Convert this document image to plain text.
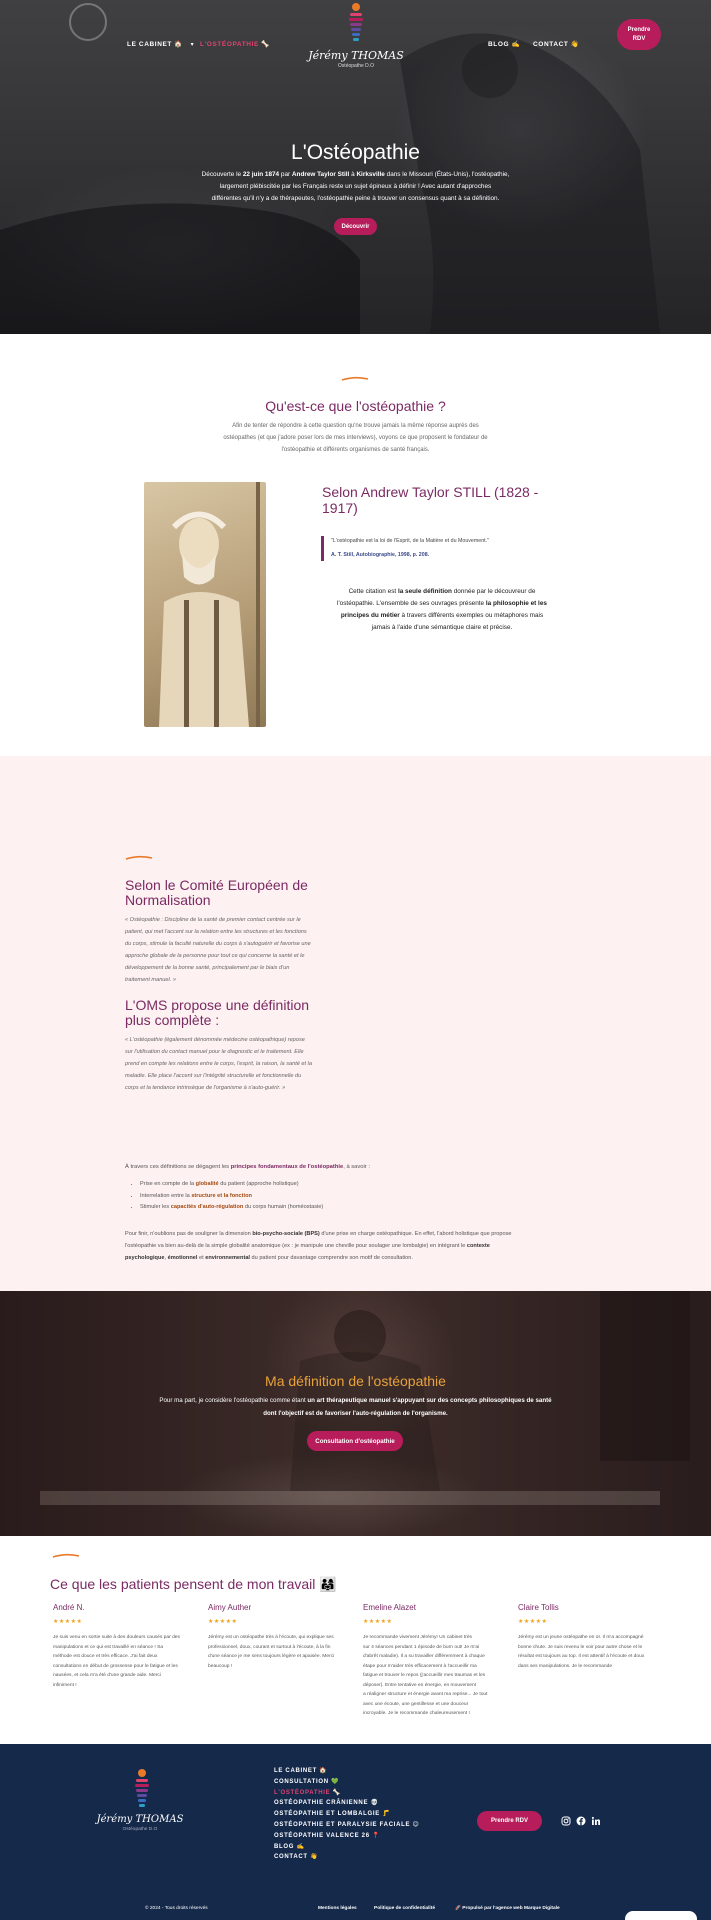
LE CABINET 🏠 ▾ L'OSTÉOPATHIE 🦴
Jérémy THOMAS
Ostéopathe D.O
BLOG ✍️ CONTACT 👋
Prendre RDV
L'Ostéopathie

Découverte le 22 juin 1874 par Andrew Taylor Still à Kirksville dans le Missouri (États-Unis), l'ostéopathie,

largement plébiscitée par les Français reste un sujet épineux à définir ! Avec autant d'approches

différentes qu'il n'y a de thérapeutes, l'ostéopathie peine à trouver un consensus quant à sa définition.

Découvrir
Qu'est-ce que l'ostéopathie ?

Afin de tenter de répondre à cette question qu'ne trouve jamais la même réponse auprès des

ostéopathes (et que j'adore poser lors de mes interviews), voyons ce que proposent le fondateur de

l'ostéopathie et différents organismes de santé français.

Selon Andrew Taylor STILL (1828 -
1917)

"L'ostéopathie est la loi de l'Esprit, de la Matière et du Mouvement."

A. T. Still, Autobiographie, 1998, p. 208.

Cette citation est la seule définition donnée par le découvreur de
l'ostéopathie. L'ensemble de ses ouvrages présente la philosophie et les
principes du métier à travers différents exemples ou métaphores mais
jamais à l'aide d'une sémantique claire et précise.

Selon le Comité Européen de
Normalisation
« Ostéopathie : Discipline de la santé de premier contact centrée sur le
patient, qui met l'accent sur la relation entre les structures et les fonctions
du corps, stimule la faculté naturelle du corps à s'autoguérir et favorise une
approche globale de la personne pour tout ce qui concerne la santé et le
développement de la bonne santé, principalement par le biais d'un
traitement manuel. »
L'OMS propose une définition
plus complète :
« L'ostéopathie (également dénommée médecine ostéopathique) repose
sur l'utilisation du contact manuel pour le diagnostic et le traitement. Elle
prend en compte les relations entre le corps, l'esprit, la raison, la santé et la
maladie. Elle place l'accent sur l'intégrité structurelle et fonctionnelle du
corps et la tendance intrinsèque de l'organisme à s'auto-guérir. »

À travers ces définitions se dégagent les principes fondamentaux de l'ostéopathie, à savoir :

• Prise en compte de la globalité du patient (approche holistique)
• Interrelation entre la structure et la fonction
• Stimuler les capacités d'auto-régulation du corps humain (homéostasie)
Pour finir, n'oublions pas de souligner la dimension bio-psycho-sociale (BPS) d'une prise en charge ostéopathique. En effet, l'abord holistique que propose
l'ostéopathie va bien au-delà de la simple globalité anatomique (ex : je manipule une cheville pour soulager une lombalgie) en intégrant le contexte
psychologique, émotionnel et environnemental du patient pour davantage comprendre son motif de consultation.
Ma définition de l'ostéopathie

Pour ma part, je considère l'ostéopathie comme étant un art thérapeutique manuel s'appuyant sur des concepts philosophiques de santé
dont l'objectif est de favoriser l'auto-régulation de l'organisme.

Consultation d'ostéopathie
Ce que les patients pensent de mon travail 👨‍👩‍👧
André N.
★★★★★
Je suis venu en sortie suite à des douleurs causés par des
manipulations et ce qui est travaillé en séance ! Sa
méthode est douce et très efficace. J'ai fait deux
consultations en début de grossesse pour le fatigue et les
nausées, et cela m'a été d'une grande aide. Merci
infiniment !
Aimy Auther
★★★★★
Jérémy est un ostéopathe très à l'écoute, qui explique ses
professionnel, doux, courant et surtout à l'écoute, à la fin
d'une séance je me sens toujours légère et apaisée. Merci
beaucoup !
Emeline Alazet
★★★★★
Je recommande vivement Jérémy! Un cabinet très
sur 4 séances pendant 1 épisode de burn out! Je m'ai
d'abrêt maladie). Il a su travailler différemment à chaque
étape pour m'aider très efficacement à l'accueillir ma
fatigue et trouver le repos (j'accueillir mes traumas et les
déposer). Entre tentative en énergie, en mouvement
a réaligner structure et énergie avant ma reprise... Je tout
avec une écoute, une gentillesse et une douceur
incroyable. Je le recommande chaleureusement !
Claire Tollis
★★★★★
Jérémy est un jeune ostéopathe en or. Il m'a accompagné
bonne chute. Je suis revenu le voir pour autre chose et le
résultat est toujours au top. Il est attentif à l'écoute et doux
dans ses manipulations. Je le recommande
Jérémy THOMAS
Ostéopathe D.O
LE CABINET 🏠
CONSULTATION 💚
L'OSTÉOPATHIE 🦴
OSTÉOPATHIE CRÂNIENNE 💀
OSTÉOPATHIE ET LOMBALGIE 🦵
OSTÉOPATHIE ET PARALYSIE FACIALE 😊
OSTÉOPATHIE VALENCE 26 📍
BLOG ✍️
CONTACT 👋
Prendre RDV
© 2024 - Tous droits réservés	Mentions légales	Politique de confidentialité	🚀 Propulsé par l'agence web Marque Digitale
